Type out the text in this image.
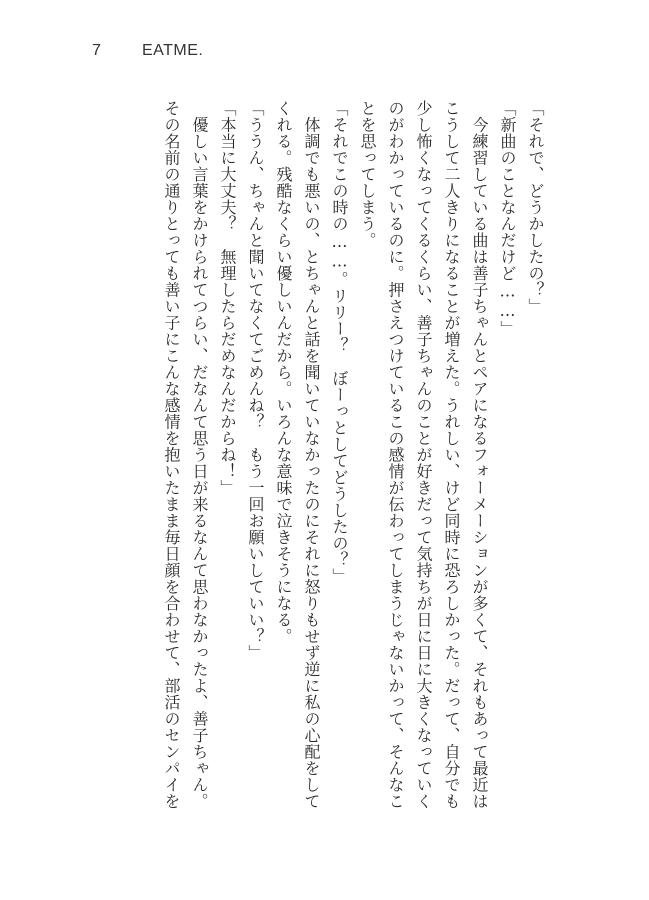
7	EATME.

「それで、どうかしたの？」

「新曲のことなんだけど……」

　今練習している曲は善子ちゃんとペアになるフォーメーションが多くて、それもあって最近は

こうして二人きりになることが増えた。うれしい、けど同時に恐ろしかった。だって、自分でも

少し怖くなってくるくらい、善子ちゃんのことが好きだって気持ちが日に日に大きくなっていく

のがわかっているのに。押さえつけているこの感情が伝わってしまうじゃないかって、そんなこ

とを思ってしまう。

「それでこの時の……。リリー？　ぼーっとしてどうしたの？」

　体調でも悪いの、とちゃんと話を聞いていなかったのにそれに怒りもせず逆に私の心配をして

くれる。残酷なくらい優しいんだから。いろんな意味で泣きそうになる。

「ううん、ちゃんと聞いてなくてごめんね？　もう一回お願いしていい？」

「本当に大丈夫？　無理したらだめなんだからね！」

　優しい言葉をかけられてつらい、だなんて思う日が来るなんて思わなかったよ、善子ちゃん。

その名前の通りとっても善い子にこんな感情を抱いたまま毎日顔を合わせて、部活のセンパイを
